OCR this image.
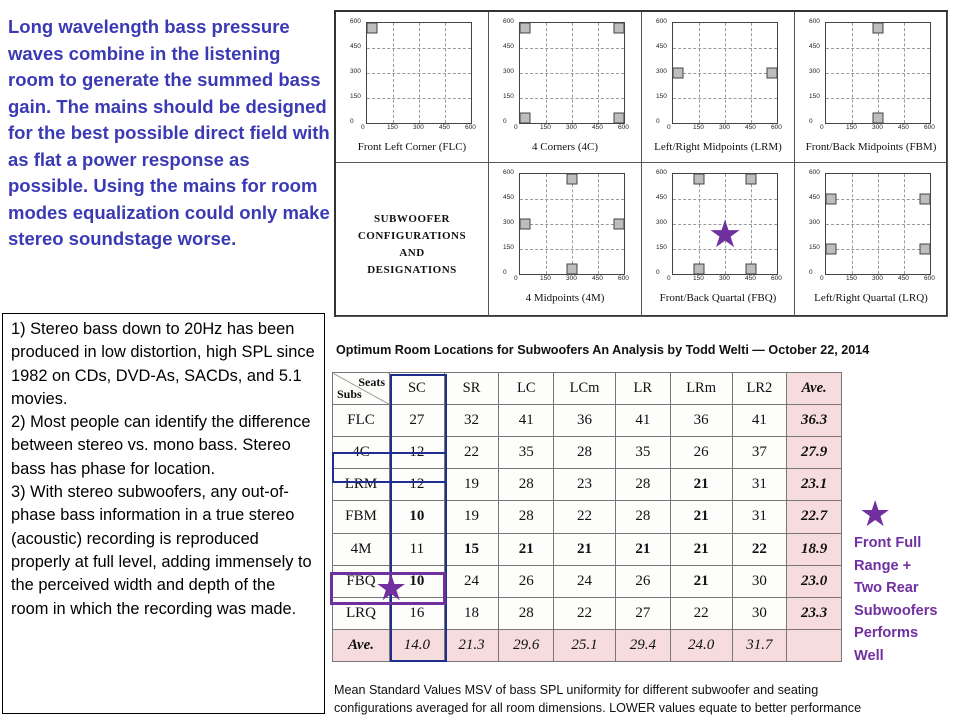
Long wavelength bass pressure waves combine in the listening room to generate the summed bass gain. The mains should be designed for the best possible direct field with as flat a power response as possible. Using the mains for room modes equalization could only make stereo soundstage worse.

1) Stereo bass down to 20Hz has been produced in low distortion, high SPL since 1982 on CDs, DVD-As, SACDs, and 5.1 movies.

2) Most people can identify the difference between stereo vs. mono bass. Stereo bass has phase for location.

3) With stereo subwoofers, any out-of-phase bass information in a true stereo (acoustic) recording is reproduced properly at full level, adding immensely to the perceived width and depth of the room in which the recording was made.

SUBWOOFER
CONFIGURATIONS
AND
DESIGNATIONS
0	150 300 450 600
600
450
300
150
0
Front Left Corner (FLC)
0	150 300 450 600
600
450
300
150
0
4 Corners (4C)
0	150 300 450 600
600
450
300
150
0
Left/Right Midpoints (LRM)
0	150 300 450 600
600
450
300
150
0
Front/Back Midpoints (FBM)
0	150 300 450 600
600
450
300
150
0
4 Midpoints (4M)
0	150 300 450 600
600
450
300
150
0
Front/Back Quartal (FBQ)
0	150 300 450 600
600
450
300
150
0
Left/Right Quartal (LRQ)
★
Optimum Room Locations for Subwoofers An Analysis by Todd Welti — October 22, 2014
Seats
Subs	SC	SR	LC	LCm	LR	LRm	LR2	Ave.
FLC	27	32	41	36	41	36	41	36.3
4C	12	22	35	28	35	26	37	27.9
LRM	12	19	28	23	28	21	31	23.1
FBM	10	19	28	22	28	21	31	22.7
4M	11	15	21	21	21	21	22	18.9
FBQ	10	24	26	24	26	21	30	23.0
LRQ	16	18	28	22	27	22	30	23.3
Ave.	14.0	21.3	29.6	25.1	29.4	24.0	31.7	
★
Mean Standard Values MSV of bass SPL uniformity for different subwoofer and seating
configurations averaged for all room dimensions. LOWER values equate to better performance
★
Front Full
Range +
Two Rear
Subwoofers
Performs
Well
